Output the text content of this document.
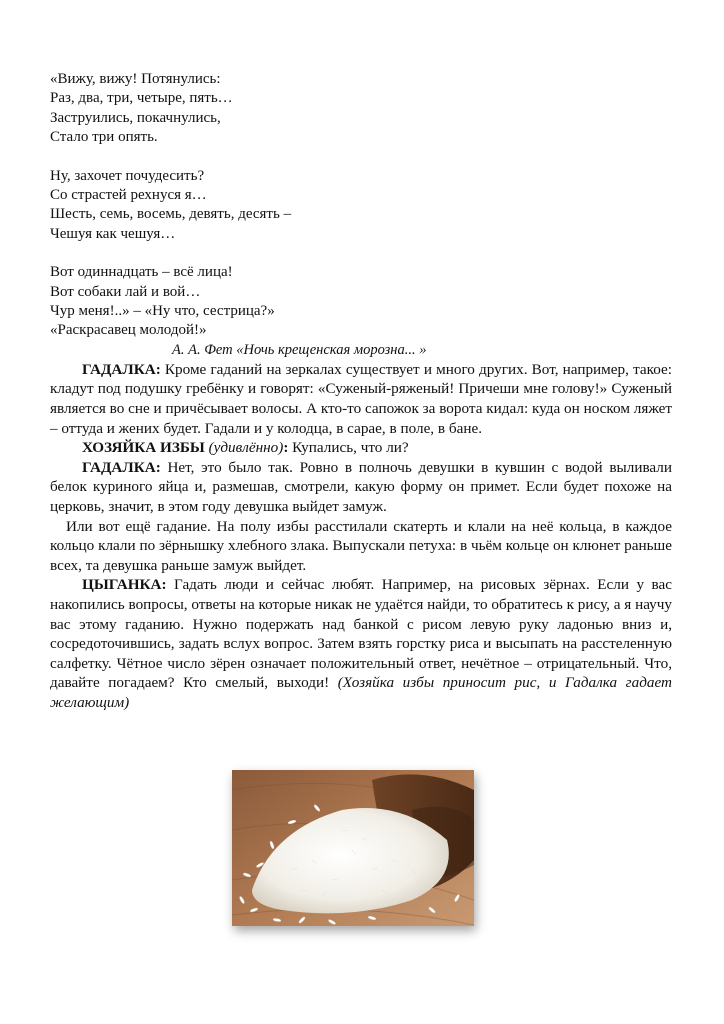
«Вижу, вижу! Потянулись:
Раз, два, три, четыре, пять…
Заструились, покачнулись,
Стало три опять.
Ну, захочет почудесить?
Со страстей рехнуся я…
Шесть, семь, восемь, девять, десять –
Чешуя как чешуя…
Вот одиннадцать – всё лица!
Вот собаки лай и вой…
Чур меня!..» – «Ну что, сестрица?»
«Раскрасавец молодой!»
А. А. Фет «Ночь крещенская морозна... »

ГАДАЛКА: Кроме гаданий на зеркалах существует и много других. Вот, например, такое: кладут под подушку гребёнку и говорят: «Суженый-ряженый! Причеши мне голову!» Суженый является во сне и причёсывает волосы. А кто-то сапожок за ворота кидал: куда он носком ляжет – оттуда и жених будет. Гадали и у колодца, в сарае, в поле, в бане.

ХОЗЯЙКА ИЗБЫ (удивлённо): Купались, что ли?

ГАДАЛКА: Нет, это было так. Ровно в полночь девушки в кувшин с водой выливали белок куриного яйца и, размешав, смотрели, какую форму он примет. Если будет похоже на церковь, значит, в этом году девушка выйдет замуж.

Или вот ещё гадание. На полу избы расстилали скатерть и клали на неё кольца, в каждое кольцо клали по зёрнышку хлебного злака. Выпускали петуха: в чьём кольце он клюнет раньше всех, та девушка раньше замуж выйдет.

ЦЫГАНКА: Гадать люди и сейчас любят. Например, на рисовых зёрнах. Если у вас накопились вопросы, ответы на которые никак не удаётся найди, то обратитесь к рису, а я научу вас этому гаданию. Нужно подержать над банкой с рисом левую руку ладонью вниз и, сосредоточившись, задать вслух вопрос. Затем взять горстку риса и высыпать на расстеленную салфетку. Чётное число зёрен означает положительный ответ, нечётное – отрицательный. Что, давайте погадаем? Кто смелый, выходи! (Хозяйка избы приносит рис, и Гадалка гадает желающим)
